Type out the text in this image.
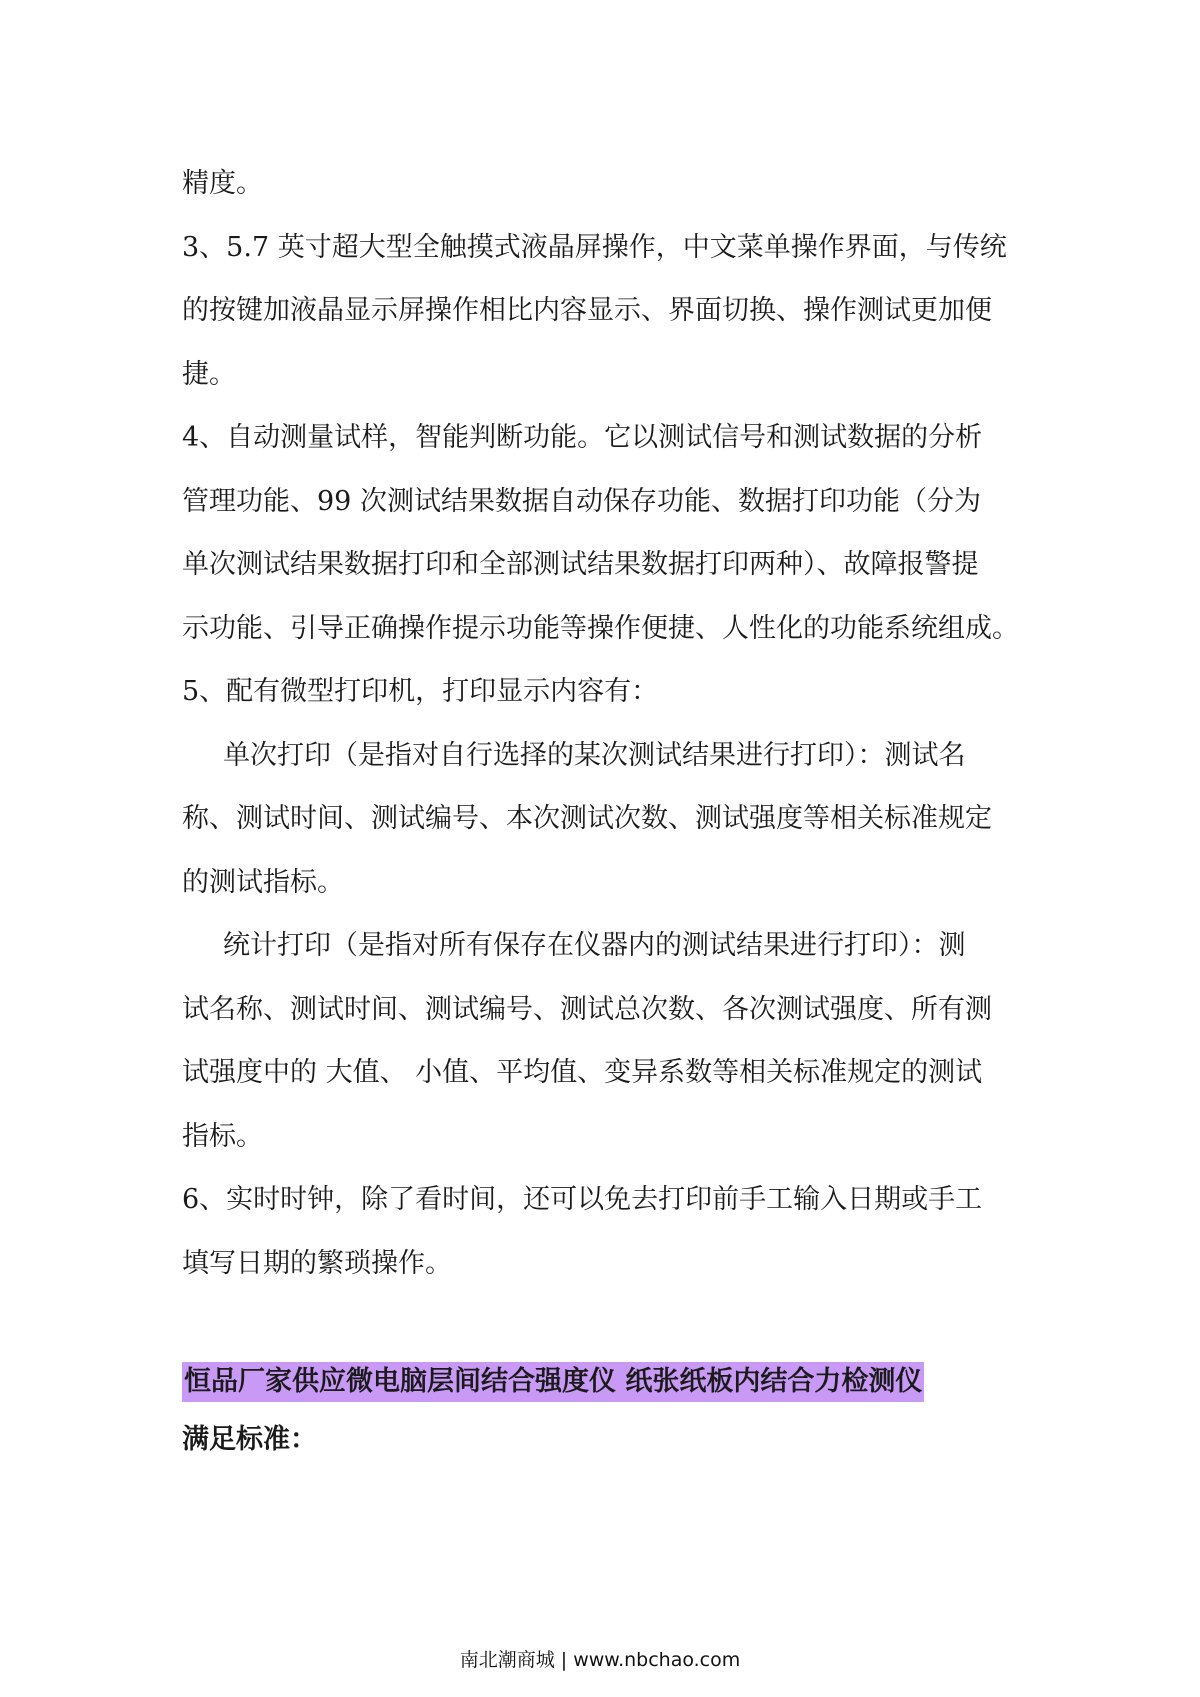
精度。
3、5.7 英寸超大型全触摸式液晶屏操作，中文菜单操作界面，与传统
的按键加液晶显示屏操作相比内容显示、界面切换、操作测试更加便
捷。
4、自动测量试样，智能判断功能。它以测试信号和测试数据的分析
管理功能、99 次测试结果数据自动保存功能、数据打印功能（分为
单次测试结果数据打印和全部测试结果数据打印两种）、故障报警提
示功能、引导正确操作提示功能等操作便捷、人性化的功能系统组成。
5、配有微型打印机，打印显示内容有：
单次打印（是指对自行选择的某次测试结果进行打印）：测试名
称、测试时间、测试编号、本次测试次数、测试强度等相关标准规定
的测试指标。
统计打印（是指对所有保存在仪器内的测试结果进行打印）：测
试名称、测试时间、测试编号、测试总次数、各次测试强度、所有测
试强度中的 大值、 小值、平均值、变异系数等相关标准规定的测试
指标。
6、实时时钟，除了看时间，还可以免去打印前手工输入日期或手工
填写日期的繁琐操作。
恒品厂家供应微电脑层间结合强度仪 纸张纸板内结合力检测仪
满足标准：
南北潮商城 | www.nbchao.com
